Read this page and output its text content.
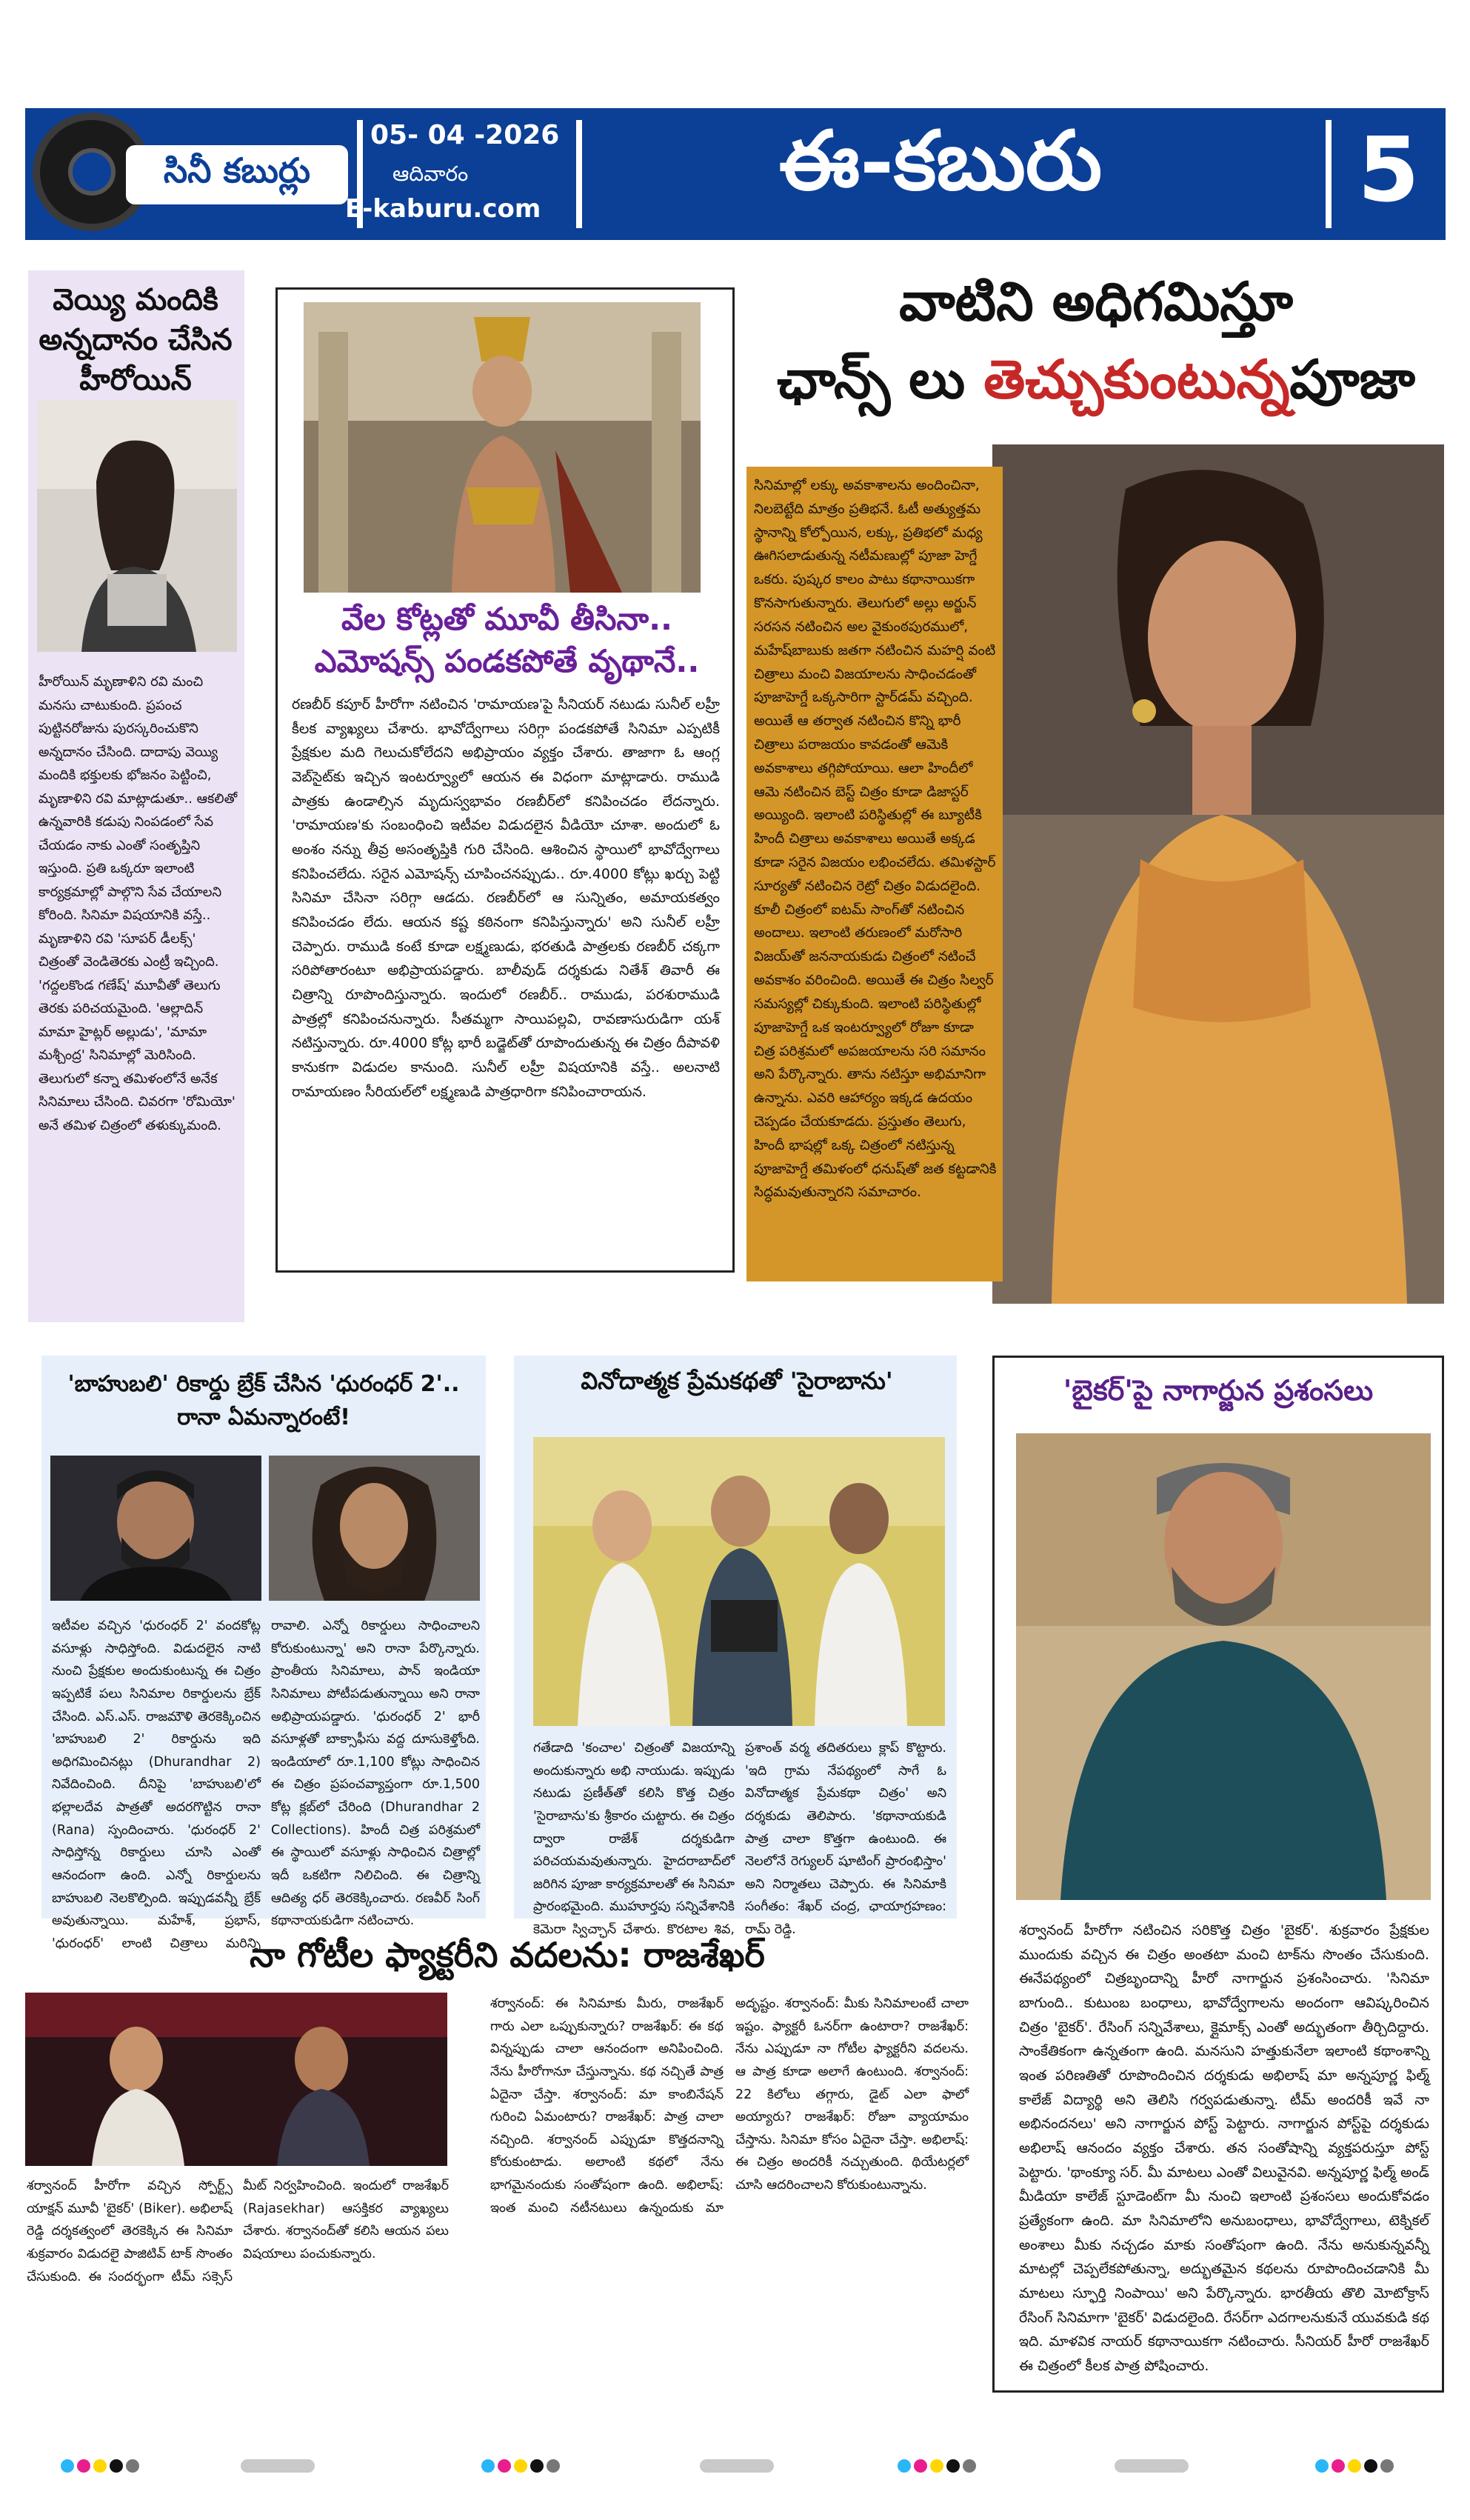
సినీ కబుర్లు
05- 04 -2026
ఆదివారం
E-kaburu.com
ఈ-కబురు	5
వెయ్యి మందికి అన్నదానం చేసిన హీరోయిన్
హీరోయిన్ మృణాళిని రవి మంచి మనసు చాటుకుంది. ప్రపంచ పుట్టినరోజును పురస్కరించుకొని అన్నదానం చేసింది. దాదాపు వెయ్యి మందికి భక్తులకు భోజనం పెట్టించి, మృణాళిని రవి మాట్లాడుతూ.. ఆకలితో ఉన్నవారికి కడుపు నింపడంలో సేవ చేయడం నాకు ఎంతో సంతృప్తిని ఇస్తుంది. ప్రతి ఒక్కరూ ఇలాంటి కార్యక్రమాల్లో పాల్గొని సేవ చేయాలని కోరింది. సినిమా విషయానికి వస్తే.. మృణాళిని రవి 'సూపర్ డీలక్స్' చిత్రంతో వెండితెరకు ఎంట్రీ ఇచ్చింది. 'గద్దలకొండ గణేష్' మూవీతో తెలుగు తెరకు పరిచయమైంది. 'ఆల్లాదిన్ మామా హైట్లర్ అల్లుడు', 'మామా మశ్చీంద్ర' సినిమాల్లో మెరిసింది. తెలుగులో కన్నా తమిళంలోనే అనేక సినిమాలు చేసింది. చివరగా 'రోమియో' అనే తమిళ చిత్రంలో తళుక్కుమంది.
వేల కోట్లతో మూవీ తీసినా.. ఎమోషన్స్ పండకపోతే వృథానే..
రణబీర్ కపూర్ హీరోగా నటించిన 'రామాయణ'పై సీనియర్ నటుడు సునీల్ లహ్రీ కీలక వ్యాఖ్యలు చేశారు. భావోద్వేగాలు సరిగ్గా పండకపోతే సినిమా ఎప్పటికీ ప్రేక్షకుల మది గెలుచుకోలేదని అభిప్రాయం వ్యక్తం చేశారు. తాజాగా ఓ ఆంగ్ల వెబ్‌సైట్‌కు ఇచ్చిన ఇంటర్వ్యూలో ఆయన ఈ విధంగా మాట్లాడారు. రాముడి పాత్రకు ఉండాల్సిన మృదుస్వభావం రణబీర్‌లో కనిపించడం లేదన్నారు. 'రామాయణ'కు సంబంధించి ఇటీవల విడుదలైన వీడియో చూశా. అందులో ఓ అంశం నన్ను తీవ్ర అసంతృప్తికి గురి చేసింది. ఆశించిన స్థాయిలో భావోద్వేగాలు కనిపించలేదు. సరైన ఎమోషన్స్ చూపించనప్పుడు.. రూ.4000 కోట్లు ఖర్చు పెట్టి సినిమా చేసినా సరిగ్గా ఆడదు. రణబీర్‌లో ఆ సున్నితం, అమాయకత్వం కనిపించడం లేదు. ఆయన కష్ట కఠినంగా కనిపిస్తున్నారు' అని సునీల్ లహ్రీ చెప్పారు. రాముడి కంటే కూడా లక్ష్మణుడు, భరతుడి పాత్రలకు రణబీర్ చక్కగా సరిపోతారంటూ అభిప్రాయపడ్డారు. బాలీవుడ్ దర్శకుడు నితేశ్ తివారీ ఈ చిత్రాన్ని రూపొందిస్తున్నారు. ఇందులో రణబీర్.. రాముడు, పరశురాముడి పాత్రల్లో కనిపించనున్నారు. సీతమ్మగా సాయిపల్లవి, రావణాసురుడిగా యశ్ నటిస్తున్నారు. రూ.4000 కోట్ల భారీ బడ్జెట్‌తో రూపొందుతున్న ఈ చిత్రం దీపావళి కానుకగా విడుదల కానుంది. సునీల్ లహ్రీ విషయానికి వస్తే.. అలనాటి రామాయణం సీరియల్‌లో లక్ష్మణుడి పాత్రధారిగా కనిపించారాయన.
వాటిని అధిగమిస్తూ
ఛాన్స్ లు తెచ్చుకుంటున్నపూజా
సినిమాల్లో లక్కు అవకాశాలను అందించినా, నిలబెట్టేది మాత్రం ప్రతిభనే. ఓటీ అత్యుత్తమ స్థానాన్ని కోల్పోయిన, లక్కు, ప్రతిభలో మధ్య ఊగిసలాడుతున్న నటీమణుల్లో పూజా హెగ్డే ఒకరు. పుష్కర కాలం పాటు కథానాయికగా కొనసాగుతున్నారు. తెలుగులో అల్లు అర్జున్ సరసన నటించిన అల వైకుంఠపురములో, మహేష్‌బాబుకు జతగా నటించిన మహర్షి వంటి చిత్రాలు మంచి విజయాలను సాధించడంతో పూజాహెగ్డే ఒక్కసారిగా స్టార్‌డమ్ వచ్చింది. అయితే ఆ తర్వాత నటించిన కొన్ని భారీ చిత్రాలు పరాజయం కావడంతో ఆమెకి అవకాశాలు తగ్గిపోయాయి. ఆలా హిందీలో ఆమె నటించిన బెస్ట్ చిత్రం కూడా డిజాస్టర్ అయ్యింది. ఇలాంటి పరిస్థితుల్లో ఈ బ్యూటీకి హిందీ చిత్రాలు అవకాశాలు అయితే అక్కడ కూడా సరైన విజయం లభించలేదు. తమిళస్టార్ సూర్యతో నటించిన రెట్రో చిత్రం విడుదలైంది. కూలీ చిత్రంలో ఐటమ్ సాంగ్‌తో నటించిన అందాలు. ఇలాంటి తరుణంలో మరోసారి విజయ్‌తో జననాయకుడు చిత్రంలో నటించే అవకాశం వరించింది. అయితే ఈ చిత్రం సిల్వర్ సమస్యల్లో చిక్కుకుంది. ఇలాంటి పరిస్థితుల్లో పూజాహెగ్డే ఒక ఇంటర్వ్యూలో రోజూ కూడా చిత్ర పరిశ్రమలో అపజయాలను సరి సమానం అని పేర్కొన్నారు. తాను నటిస్తూ అభిమానిగా ఉన్నాను. ఎవరి ఆహార్యం ఇక్కడ ఉదయం చెప్పడం చేయకూడదు. ప్రస్తుతం తెలుగు, హిందీ భాషల్లో ఒక్క చిత్రంలో నటిస్తున్న పూజాహెగ్డే తమిళంలో ధనుష్‌తో జత కట్టడానికి సిద్ధమవుతున్నారని సమాచారం.
'బాహుబలి' రికార్డు బ్రేక్ చేసిన 'ధురంధర్ 2'.. రానా ఏమన్నారంటే!
ఇటీవల వచ్చిన 'ధురంధర్ 2' వందకోట్ల వసూళ్లు సాధిస్తోంది. విడుదలైన నాటి నుంచి ప్రేక్షకుల అందుకుంటున్న ఈ చిత్రం ఇప్పటికే పలు సినిమాల రికార్డులను బ్రేక్ చేసింది. ఎస్.ఎస్. రాజమౌళి తెరకెక్కించిన 'బాహుబలి 2' రికార్డును ఇది అధిగమించినట్లు (Dhurandhar 2) నివేదించింది. దీనిపై 'బాహుబలి'లో భల్లాలదేవ పాత్రతో అదరగొట్టిన రానా (Rana) స్పందించారు. 'ధురంధర్ 2' సాధిస్తోన్న రికార్డులు చూసి ఎంతో ఆనందంగా ఉంది. ఎన్నో రికార్డులను బాహుబలి నెలకొల్పింది. ఇప్పుడవన్నీ బ్రేక్ అవుతున్నాయి. మహేశ్, ప్రభాస్, 'ధురంధర్' లాంటి చిత్రాలు మరిన్ని రావాలి. ఎన్నో రికార్డులు సాధించాలని కోరుకుంటున్నా' అని రానా పేర్కొన్నారు. ప్రాంతీయ సినిమాలు, పాన్ ఇండియా సినిమాలు పోటీపడుతున్నాయి అని రానా అభిప్రాయపడ్డారు. 'ధురంధర్ 2' భారీ వసూళ్లతో బాక్సాఫీసు వద్ద దూసుకెళ్తోంది. ఇండియాలో రూ.1,100 కోట్లు సాధించిన ఈ చిత్రం ప్రపంచవ్యాప్తంగా రూ.1,500 కోట్ల క్లబ్‌లో చేరింది (Dhurandhar 2 Collections). హిందీ చిత్ర పరిశ్రమలో ఈ స్థాయిలో వసూళ్లు సాధించిన చిత్రాల్లో ఇదీ ఒకటిగా నిలిచింది. ఈ చిత్రాన్ని ఆదిత్య ధర్ తెరకెక్కించారు. రణవీర్ సింగ్ కథానాయకుడిగా నటించారు.
వినోదాత్మక ప్రేమకథతో 'సైరాబాను'
గతేడాది 'కంచాల' చిత్రంతో విజయాన్ని అందుకున్నారు అభి నాయుడు. ఇప్పుడు నటుడు ప్రణీత్‌తో కలిసి కొత్త చిత్రం 'సైరాబాను'కు శ్రీకారం చుట్టారు. ఈ చిత్రం ద్వారా రాజేశ్ దర్శకుడిగా పరిచయమవుతున్నారు. హైదరాబాద్‌లో జరిగిన పూజా కార్యక్రమాలతో ఈ సినిమా ప్రారంభమైంది. ముహూర్తపు సన్నివేశానికి కెమెరా స్విచ్ఛాన్ చేశారు. కొరటాల శివ, ప్రశాంత్ వర్మ తదితరులు క్లాప్ కొట్టారు. 'ఇది గ్రామ నేపథ్యంలో సాగే ఓ వినోదాత్మక ప్రేమకథా చిత్రం' అని దర్శకుడు తెలిపారు. 'కథానాయకుడి పాత్ర చాలా కొత్తగా ఉంటుంది. ఈ నెలలోనే రెగ్యులర్ షూటింగ్ ప్రారంభిస్తాం' అని నిర్మాతలు చెప్పారు. ఈ సినిమాకి సంగీతం: శేఖర్ చంద్ర, ఛాయాగ్రహణం: రామ్ రెడ్డి.
'బైకర్'పై నాగార్జున ప్రశంసలు
శర్వానంద్ హీరోగా నటించిన సరికొత్త చిత్రం 'బైకర్'. శుక్రవారం ప్రేక్షకుల ముందుకు వచ్చిన ఈ చిత్రం అంతటా మంచి టాక్‌ను సొంతం చేసుకుంది. ఈనేపథ్యంలో చిత్రబృందాన్ని హీరో నాగార్జున ప్రశంసించారు. 'సినిమా బాగుంది.. కుటుంబ బంధాలు, భావోద్వేగాలను అందంగా ఆవిష్కరించిన చిత్రం 'బైకర్'. రేసింగ్ సన్నివేశాలు, క్లైమాక్స్ ఎంతో అద్భుతంగా తీర్చిదిద్దారు. సాంకేతికంగా ఉన్నతంగా ఉంది. మనసుని హత్తుకునేలా ఇలాంటి కథాంశాన్ని ఇంత పరిణతితో రూపొందించిన దర్శకుడు అభిలాష్ మా అన్నపూర్ణ ఫిల్మ్ కాలేజ్ విద్యార్థి అని తెలిసి గర్వపడుతున్నా. టీమ్ అందరికీ ఇవే నా అభినందనలు' అని నాగార్జున పోస్ట్ పెట్టారు. నాగార్జున పోస్ట్‌పై దర్శకుడు అభిలాష్ ఆనందం వ్యక్తం చేశారు. తన సంతోషాన్ని వ్యక్తపరుస్తూ పోస్ట్ పెట్టారు. 'థాంక్యూ సర్. మీ మాటలు ఎంతో విలువైనవి. అన్నపూర్ణ ఫిల్మ్ అండ్ మీడియా కాలేజ్ స్టూడెంట్‌గా మీ నుంచి ఇలాంటి ప్రశంసలు అందుకోవడం ప్రత్యేకంగా ఉంది. మా సినిమాలోని అనుబంధాలు, భావోద్వేగాలు, టెక్నికల్ అంశాలు మీకు నచ్చడం మాకు సంతోషంగా ఉంది. నేను అనుకున్నవన్నీ మాటల్లో చెప్పలేకపోతున్నా, అద్భుతమైన కథలను రూపొందించడానికి మీ మాటలు స్ఫూర్తి నింపాయి' అని పేర్కొన్నారు. భారతీయ తొలి మోటోక్రాస్ రేసింగ్ సినిమాగా 'బైకర్' విడుదలైంది. రేసర్‌గా ఎదగాలనుకునే యువకుడి కథ ఇది. మాళవిక నాయర్ కథానాయికగా నటించారు. సీనియర్ హీరో రాజశేఖర్ ఈ చిత్రంలో కీలక పాత్ర పోషించారు.
నా గోటీల ఫ్యాక్టరీని వదలను: రాజశేఖర్
శర్వానంద్ హీరోగా వచ్చిన స్పోర్ట్స్ యాక్షన్ మూవీ 'బైకర్' (Biker). అభిలాష్ రెడ్డి దర్శకత్వంలో తెరకెక్కిన ఈ సినిమా శుక్రవారం విడుదలై పాజిటివ్ టాక్ సొంతం చేసుకుంది. ఈ సందర్భంగా టీమ్ సక్సెస్ మీట్ నిర్వహించింది. ఇందులో రాజశేఖర్ (Rajasekhar) ఆసక్తికర వ్యాఖ్యలు చేశారు. శర్వానంద్‌తో కలిసి ఆయన పలు విషయాలు పంచుకున్నారు.
శర్వానంద్: ఈ సినిమాకు మీరు, రాజశేఖర్ గారు ఎలా ఒప్పుకున్నారు? రాజశేఖర్: ఈ కథ విన్నప్పుడు చాలా ఆనందంగా అనిపించింది. నేను హీరోగానూ చేస్తున్నాను. కథ నచ్చితే పాత్ర ఏదైనా చేస్తా. శర్వానంద్: మా కాంబినేషన్ గురించి ఏమంటారు? రాజశేఖర్: పాత్ర చాలా నచ్చింది. శర్వానంద్ ఎప్పుడూ కొత్తదనాన్ని కోరుకుంటాడు. అలాంటి కథలో నేను భాగమైనందుకు సంతోషంగా ఉంది. అభిలాష్: ఇంత మంచి నటీనటులు ఉన్నందుకు మా అదృష్టం. శర్వానంద్: మీకు సినిమాలంటే చాలా ఇష్టం. ఫ్యాక్టరీ ఓనర్‌గా ఉంటారా? రాజశేఖర్: నేను ఎప్పుడూ నా గోటీల ఫ్యాక్టరీని వదలను. ఆ పాత్ర కూడా అలాగే ఉంటుంది. శర్వానంద్: 22 కిలోలు తగ్గారు, డైట్ ఎలా ఫాలో అయ్యారు? రాజశేఖర్: రోజూ వ్యాయామం చేస్తాను. సినిమా కోసం ఏదైనా చేస్తా. అభిలాష్: ఈ చిత్రం అందరికీ నచ్చుతుంది. థియేటర్లలో చూసి ఆదరించాలని కోరుకుంటున్నాను.
